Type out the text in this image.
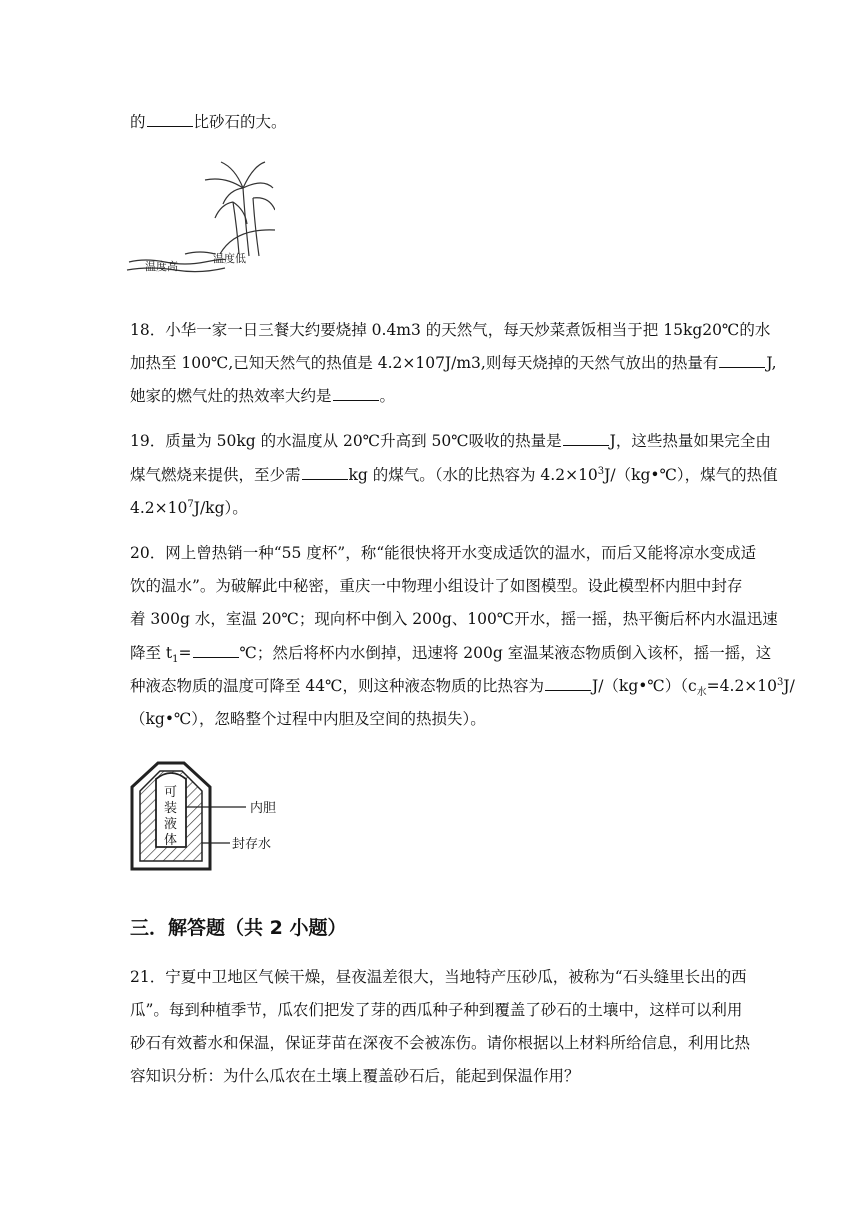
的	比砂石的大。
温度高
温度低
18．小华一家一日三餐大约要烧掉 0.4m3 的天然气，每天炒菜煮饭相当于把 15kg20℃的水
加热至 100℃,已知天然气的热值是 4.2×107J/m3,则每天烧掉的天然气放出的热量有	J,
她家的燃气灶的热效率大约是	。
19．质量为 50kg 的水温度从 20℃升高到 50℃吸收的热量是	J，这些热量如果完全由
煤气燃烧来提供，至少需	kg 的煤气。（水的比热容为 $4.2\times 10^3J/(kg•℃)$，煤气的热值
$4.2\times 10^7J/kg$）。
20．网上曾热销一种“55 度杯”，称“能很快将开水变成适饮的温水，而后又能将凉水变成适
饮的温水”。为破解此中秘密，重庆一中物理小组设计了如图模型。设此模型杯内胆中封存
着 300g 水，室温 20℃；现向杯中倒入 200g、100℃开水，摇一摇，热平衡后杯内水温迅速
降至 $t_1=$	℃；然后将杯内水倒掉，迅速将 200g 室温某液态物质倒入该杯，摇一摇，这
种液态物质的温度可降至 44℃，则这种液态物质的比热容为	$J/(kg•℃)(c_水=4.2\times 10^3J/$
（kg•℃），忽略整个过程中内胆及空间的热损失）。
可
装
液
体
内胆
封存水
三．解答题（共 2 小题）
21．宁夏中卫地区气候干燥，昼夜温差很大，当地特产压砂瓜，被称为“石头缝里长出的西
瓜”。每到种植季节，瓜农们把发了芽的西瓜种子种到覆盖了砂石的土壤中，这样可以利用
砂石有效蓄水和保温，保证芽苗在深夜不会被冻伤。请你根据以上材料所给信息，利用比热
容知识分析：为什么瓜农在土壤上覆盖砂石后，能起到保温作用？
